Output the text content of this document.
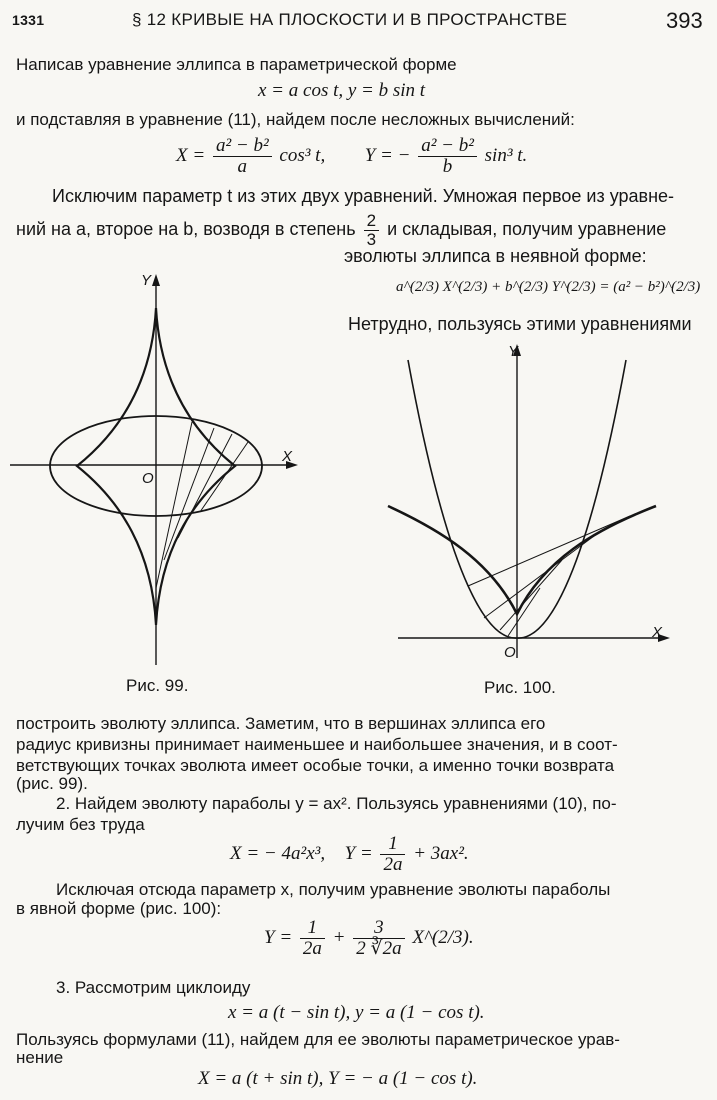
1331	§ 12 КРИВЫЕ НА ПЛОСКОСТИ И В ПРОСТРАНСТВЕ	393
Написав уравнение эллипса в параметрической форме
x = a cos t, y = b sin t
и подставляя в уравнение (11), найдем после несложных вычислений:
$X = \frac{\text{a² − b²}}{a} \cos^3$ t, Y = − $\frac{\text{a² − b²}}{b} \sin^3$ t.
Исключим параметр t из этих двух уравнений. Умножая первое из уравне-
ний на a, второе на b, возводя в степень $\frac{2}{3}$ и складывая, получим уравнение
эволюты эллипса в неявной форме:
a^(2/3) X^(2/3) + b^(2/3) Y^(2/3) = (a² − b²)^(2/3)
Нетрудно, пользуясь этими уравнениями
Y
X
O
Рис. 99.
Y
X
O
Рис. 100.
построить эволюту эллипса. Заметим, что в вершинах эллипса его
радиус кривизны принимает наименьшее и наибольшее значения, и в соот-
ветствующих точках эволюта имеет особые точки, а именно точки возврата
(рис. 99).
2. Найдем эволюту параболы y = ax². Пользуясь уравнениями (10), по-
лучим без труда
X = − 4a²x³, $Y = \frac{1}{2a} + 3ax^2$.
Исключая отсюда параметр x, получим уравнение эволюты параболы
в явной форме (рис. 100):
$Y = \frac{1}{2a} + \frac{3}{2 ∛2a}$ X^(2/3).
3. Рассмотрим циклоиду
x = a (t − sin t), y = a (1 − cos t).
Пользуясь формулами (11), найдем для ее эволюты параметрическое урав-
нение
X = a (t + sin t), Y = − a (1 − cos t).
